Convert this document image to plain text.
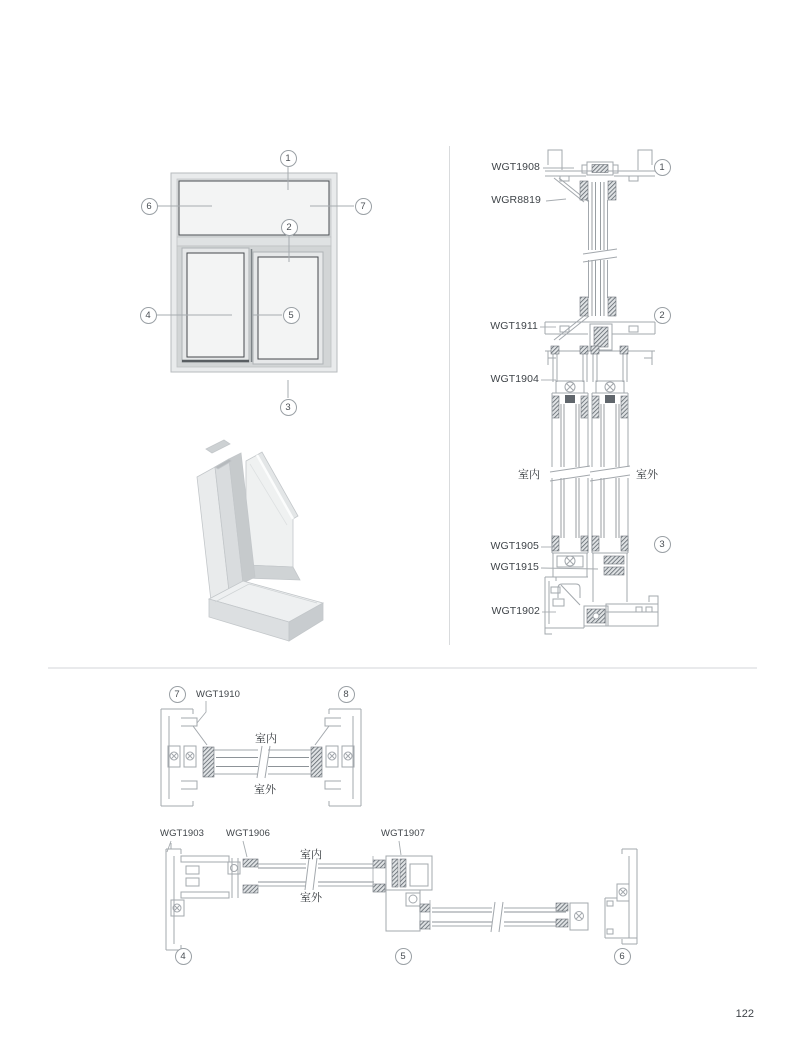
1
2
3
4	5
6	7
1
2
3
7	8
4	5	6
WGT1908
WGR8819
WGT1911
WGT1904
WGT1905
WGT1915
WGT1902
室内	室外
WGT1910
室内
室外
WGT1903 WGT1906	WGT1907
室内
室外
122
